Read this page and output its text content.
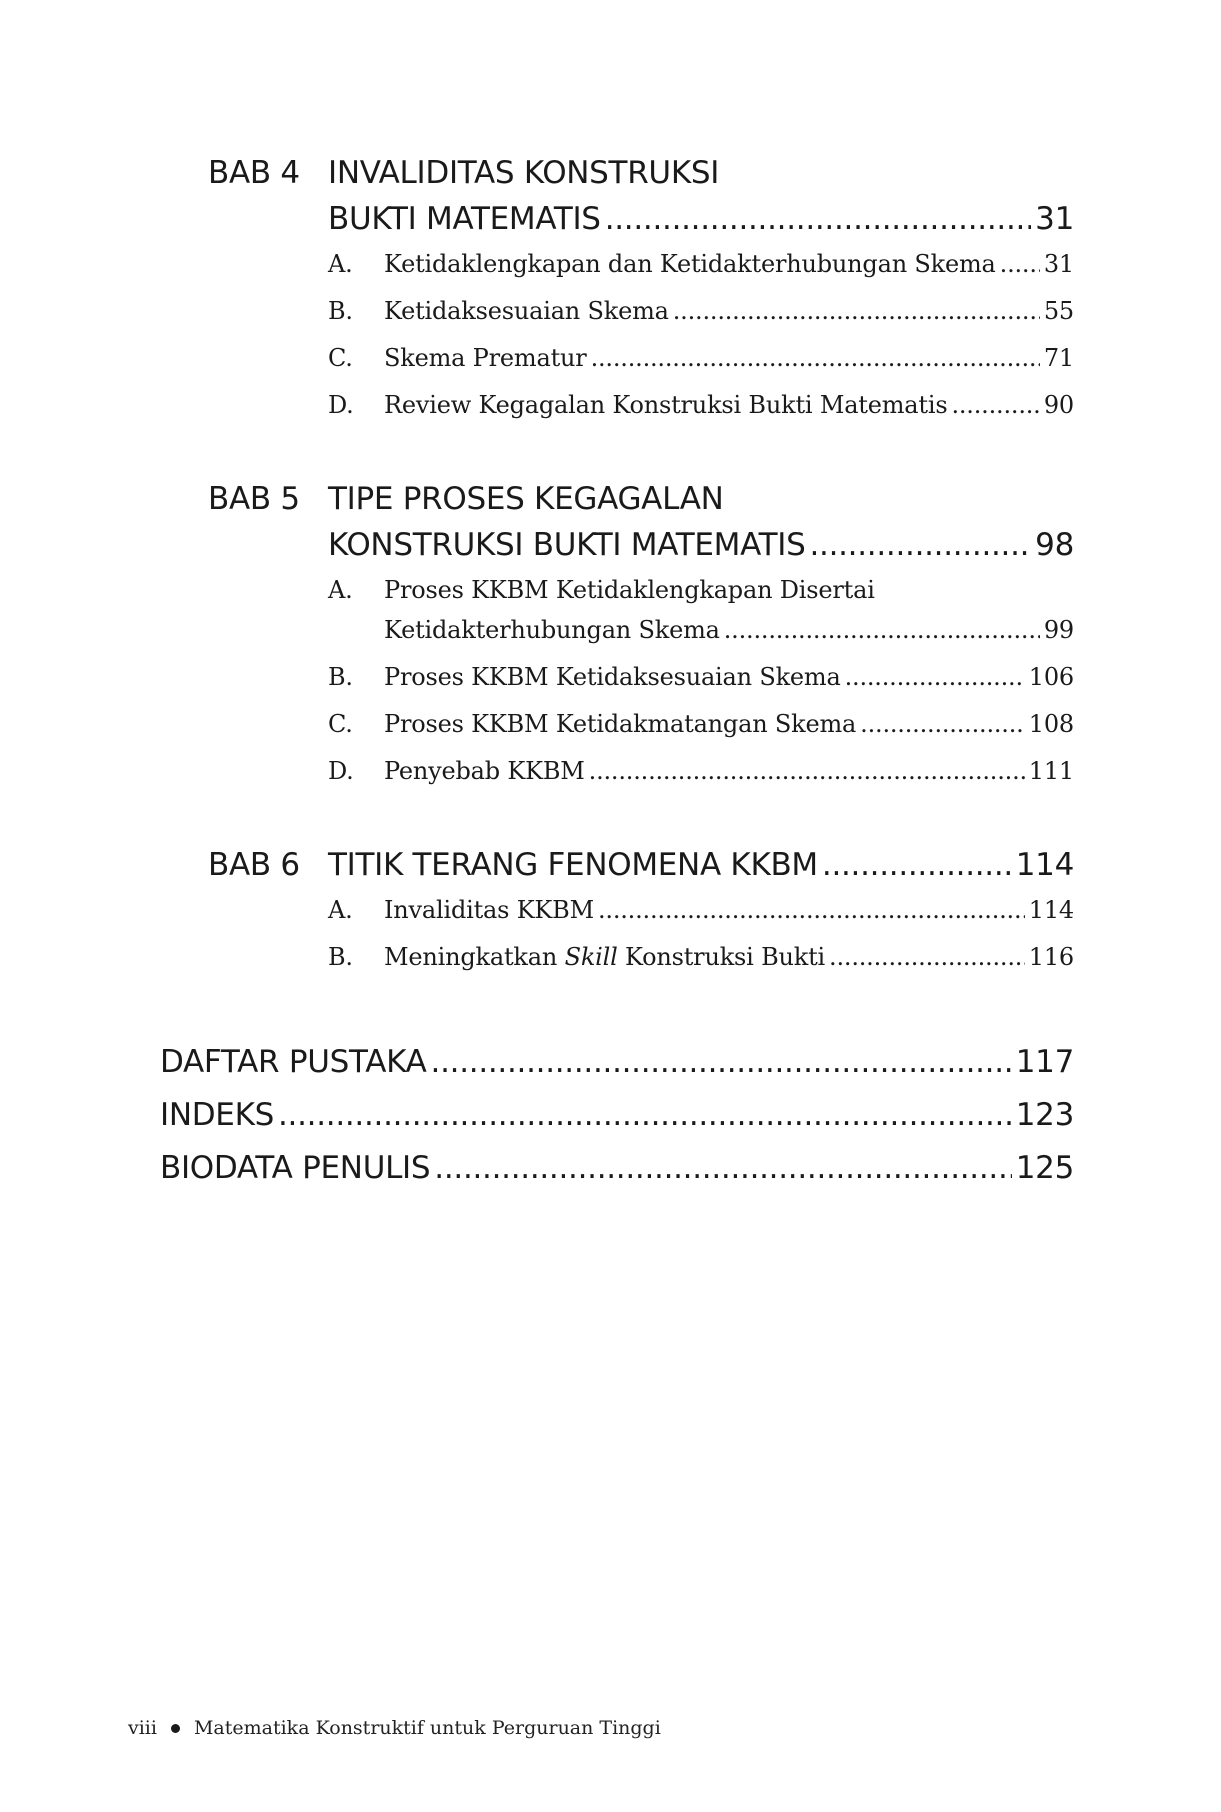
BAB 4 INVALIDITAS KONSTRUKSI
BUKTI MATEMATIS .....	31
A.	Ketidaklengkapan dan Ketidakterhubungan Skema ..... 31
B.	Ketidaksesuaian Skema .....	55
C.	Skema Prematur .....	71
D.	Review Kegagalan Konstruksi Bukti Matematis .....	90
BAB 5 TIPE PROSES KEGAGALAN
KONSTRUKSI BUKTI MATEMATIS .....	98
A.	Proses KKBM Ketidaklengkapan Disertai
Ketidakterhubungan Skema .....	99
B.	Proses KKBM Ketidaksesuaian Skema .....	106
C.	Proses KKBM Ketidakmatangan Skema .....	108
D.	Penyebab KKBM .....	111
BAB 6 TITIK TERANG FENOMENA KKBM .....	114
A.	Invaliditas KKBM .....	114
B.	Meningkatkan Skill Konstruksi Bukti .....	116
DAFTAR PUSTAKA .....	117
INDEKS .....	123
BIODATA PENULIS .....	125
viii Matematika Konstruktif untuk Perguruan Tinggi
